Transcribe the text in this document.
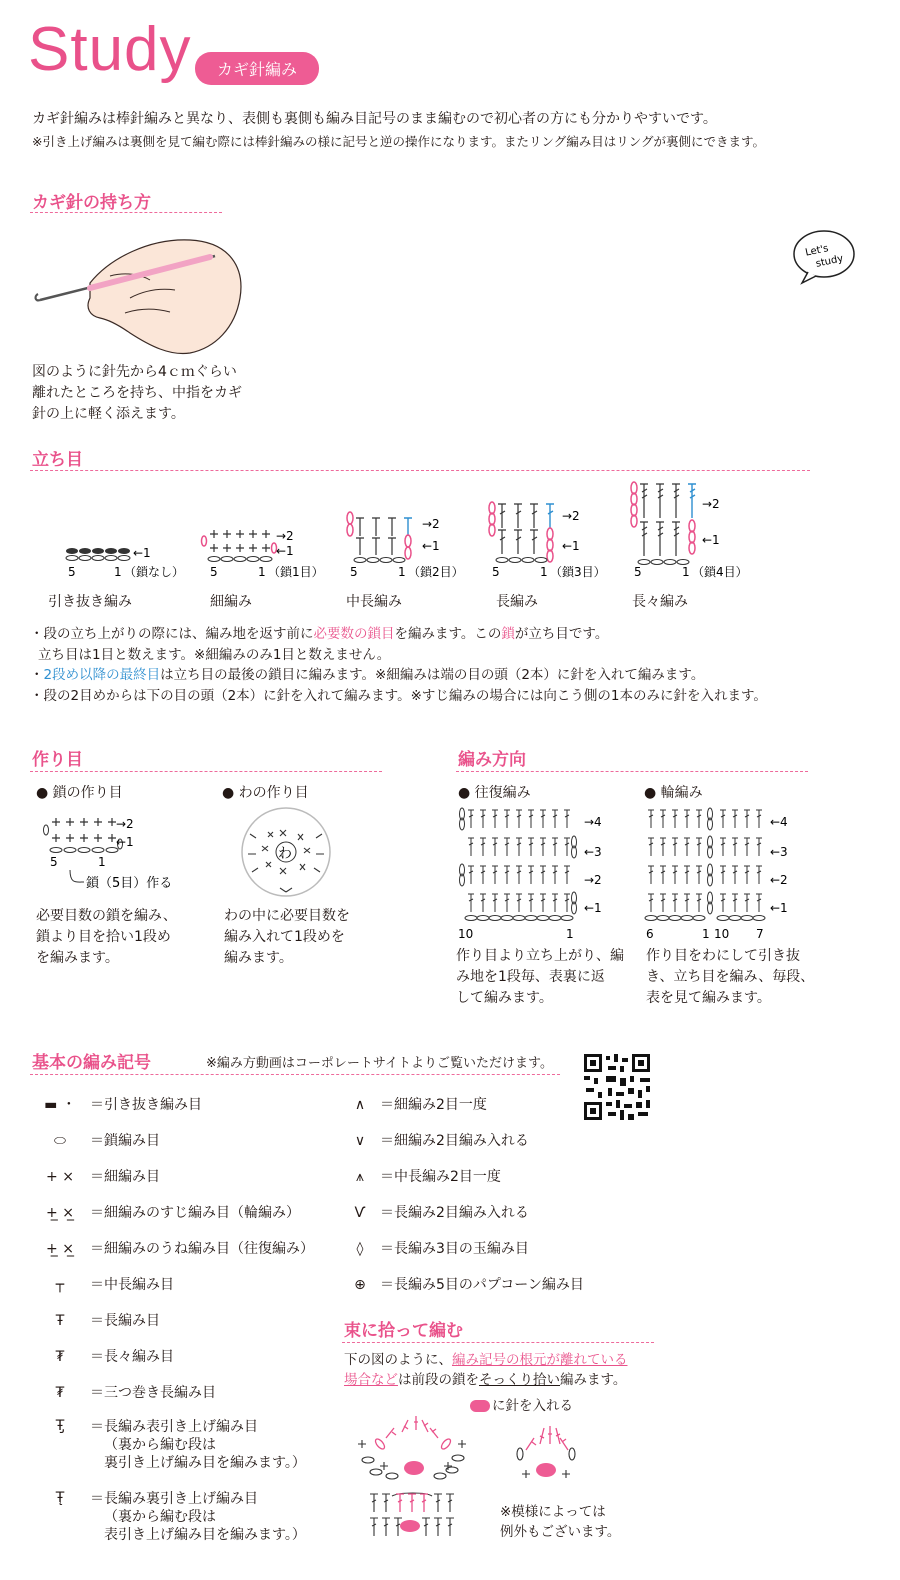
Study	カギ針編み
カギ針編みは棒針編みと異なり、表側も裏側も編み目記号のまま編むので初心者の方にも分かりやすいです。
※引き上げ編みは裏側を見て編む際には棒針編みの様に記号と逆の操作になります。またリング編み目はリングが裏側にできます。
カギ針の持ち方
図のように針先から4ｃｍぐらい
離れたところを持ち、中指をカギ
針の上に軽く添えます。
Let's
study
立ち目
←1
5	1 （鎖なし）
→2
←1
5	1 （鎖1目）
→2
←1
5	1 （鎖2目）
→2
←1
5	1 （鎖3目）
→2
←1
5	1 （鎖4目）
引き抜き編み	細編み	中長編み	長編み	長々編み
・段の立ち上がりの際には、編み地を返す前に必要数の鎖目を編みます。この鎖が立ち目です。
立ち目は1目と数えます。※細編みのみ1目と数えません。
・2段め以降の最終目は立ち目の最後の鎖目に編みます。※細編みは端の目の頭（2本）に針を入れて編みます。
・段の2目めからは下の目の頭（2本）に針を入れて編みます。※すじ編みの場合には向こう側の1本のみに針を入れます。
作り目
● 鎖の作り目
→2
←1
5	1
鎖（5目）作る
必要目数の鎖を編み、
鎖より目を拾い1段め
を編みます。
● わの作り目
わ
わの中に必要目数を
編み入れて1段めを
編みます。
編み方向
● 往復編み
→4
←3
→2
←1
10	1
作り目より立ち上がり、編
み地を1段毎、表裏に返
して編みます。
● 輪編み
←4
←3
←2
←1
6	1 10 7
作り目をわにして引き抜
き、立ち目を編み、毎段、
表を見て編みます。
基本の編み記号	※編み方動画はコーポレートサイトよりご覧いただけます。
▬ ・ ＝引き抜き編み目
⬭ ＝鎖編み目
+ × ＝細編み目
+̲ ×̲ ＝細編みのすじ編み目（輪編み）
+̲ ×̲ ＝細編みのうね編み目（往復編み）
┬ ＝中長編み目
Ŧ ＝長編み目
₮ ＝長々編み目
₮ ＝三つ巻き長編み目
Ŧ̡ ＝長編み表引き上げ編み目
（裏から編む段は
裏引き上げ編み目を編みます。）
Ŧ̨ ＝長編み裏引き上げ編み目
（裏から編む段は
表引き上げ編み目を編みます。）
∧ ＝細編み2目一度
∨ ＝細編み2目編み入れる
⩚ ＝中長編み2目一度
Ѵ ＝長編み2目編み入れる
◊ ＝長編み3目の玉編み目
⊕ ＝長編み5目のパプコーン編み目
束に拾って編む
下の図のように、編み記号の根元が離れている
場合などは前段の鎖をそっくり拾い編みます。
に針を入れる
※模様によっては
例外もございます。
